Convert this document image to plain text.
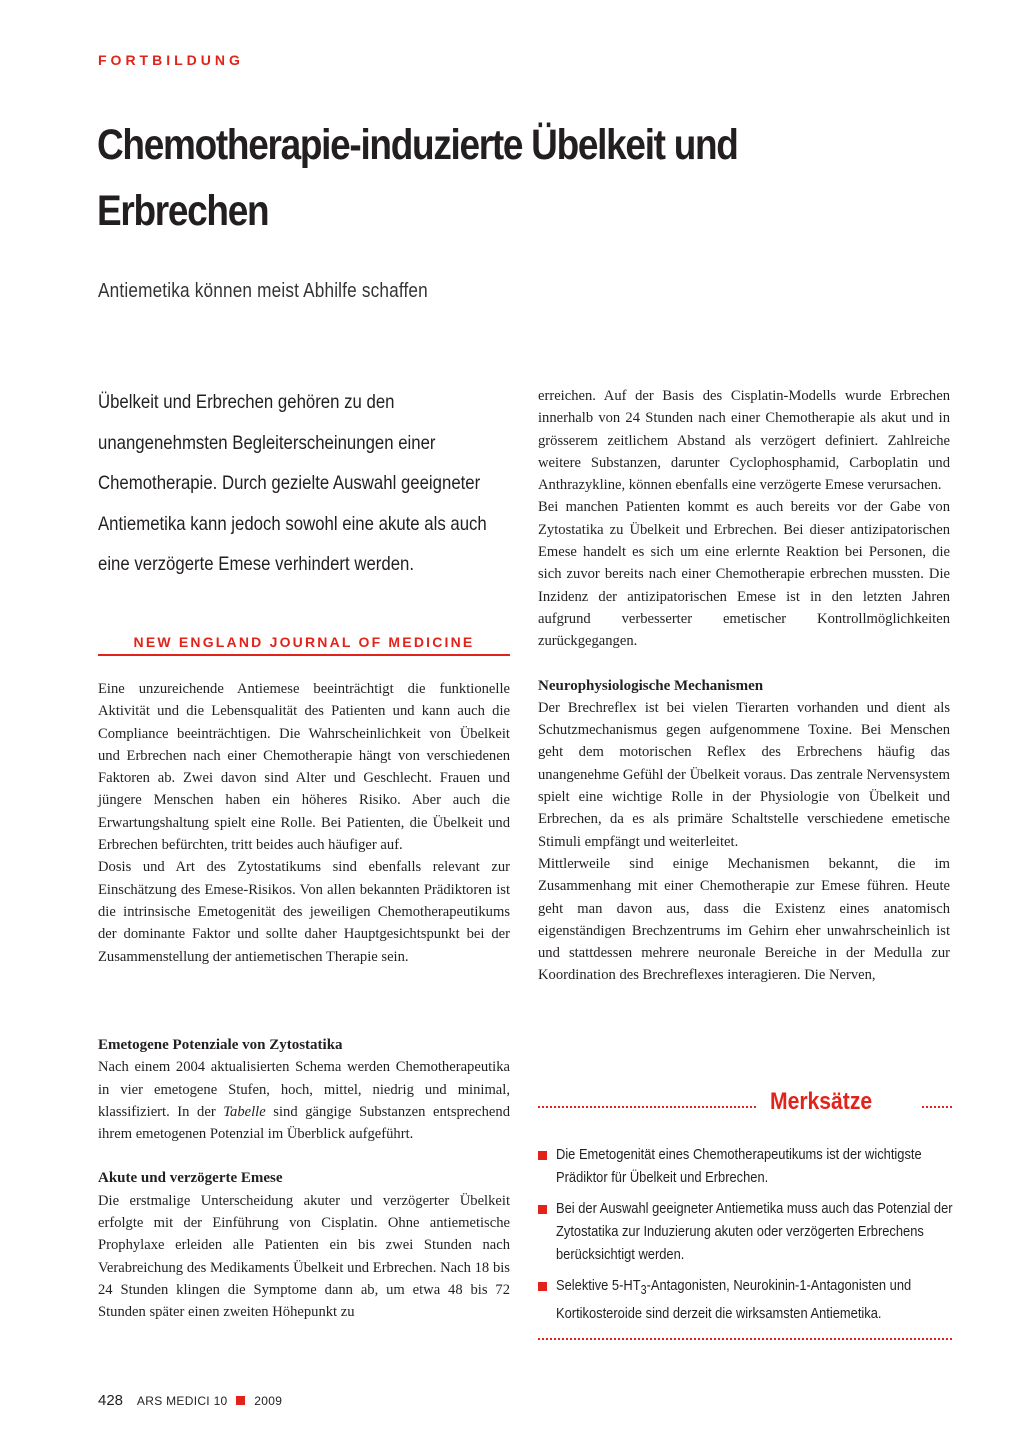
FORTBILDUNG
Chemotherapie-induzierte Übelkeit und Erbrechen
Antiemetika können meist Abhilfe schaffen
Übelkeit und Erbrechen gehören zu den unangenehmsten Begleiterscheinungen einer Chemotherapie. Durch gezielte Auswahl geeigneter Antiemetika kann jedoch sowohl eine akute als auch eine verzögerte Emese verhindert werden.
NEW ENGLAND JOURNAL OF MEDICINE

Eine unzureichende Antiemese beeinträchtigt die funktionelle Aktivität und die Lebensqualität des Patienten und kann auch die Compliance beeinträchtigen. Die Wahrscheinlichkeit von Übelkeit und Erbrechen nach einer Chemotherapie hängt von verschiedenen Faktoren ab. Zwei davon sind Alter und Geschlecht. Frauen und jüngere Menschen haben ein höheres Risiko. Aber auch die Erwartungshaltung spielt eine Rolle. Bei Patienten, die Übelkeit und Erbrechen befürchten, tritt beides auch häufiger auf.

Dosis und Art des Zytostatikums sind ebenfalls relevant zur Einschätzung des Emese-Risikos. Von allen bekannten Prädiktoren ist die intrinsische Emetogenität des jeweiligen Chemotherapeutikums der dominante Faktor und sollte daher Hauptgesichtspunkt bei der Zusammenstellung der antiemetischen Therapie sein.

Emetogene Potenziale von Zytostatika

Nach einem 2004 aktualisierten Schema werden Chemotherapeutika in vier emetogene Stufen, hoch, mittel, niedrig und minimal, klassifiziert. In der Tabelle sind gängige Substanzen entsprechend ihrem emetogenen Potenzial im Überblick aufgeführt.

Akute und verzögerte Emese

Die erstmalige Unterscheidung akuter und verzögerter Übelkeit erfolgte mit der Einführung von Cisplatin. Ohne antiemetische Prophylaxe erleiden alle Patienten ein bis zwei Stunden nach Verabreichung des Medikaments Übelkeit und Erbrechen. Nach 18 bis 24 Stunden klingen die Symptome dann ab, um etwa 48 bis 72 Stunden später einen zweiten Höhepunkt zu

erreichen. Auf der Basis des Cisplatin-Modells wurde Erbrechen innerhalb von 24 Stunden nach einer Chemotherapie als akut und in grösserem zeitlichem Abstand als verzögert definiert. Zahlreiche weitere Substanzen, darunter Cyclophosphamid, Carboplatin und Anthrazykline, können ebenfalls eine verzögerte Emese verursachen.

Bei manchen Patienten kommt es auch bereits vor der Gabe von Zytostatika zu Übelkeit und Erbrechen. Bei dieser antizipatorischen Emese handelt es sich um eine erlernte Reaktion bei Personen, die sich zuvor bereits nach einer Chemotherapie erbrechen mussten. Die Inzidenz der antizipatorischen Emese ist in den letzten Jahren aufgrund verbesserter emetischer Kontrollmöglichkeiten zurückgegangen.

Neurophysiologische Mechanismen

Der Brechreflex ist bei vielen Tierarten vorhanden und dient als Schutzmechanismus gegen aufgenommene Toxine. Bei Menschen geht dem motorischen Reflex des Erbrechens häufig das unangenehme Gefühl der Übelkeit voraus. Das zentrale Nervensystem spielt eine wichtige Rolle in der Physiologie von Übelkeit und Erbrechen, da es als primäre Schaltstelle verschiedene emetische Stimuli empfängt und weiterleitet.

Mittlerweile sind einige Mechanismen bekannt, die im Zusammenhang mit einer Chemotherapie zur Emese führen. Heute geht man davon aus, dass die Existenz eines anatomisch eigenständigen Brechzentrums im Gehirn eher unwahrscheinlich ist und stattdessen mehrere neuronale Bereiche in der Medulla zur Koordination des Brechreflexes interagieren. Die Nerven,

Merksätze
Die Emetogenität eines Chemotherapeutikums ist der wichtigste Prädiktor für Übelkeit und Erbrechen.
Bei der Auswahl geeigneter Antiemetika muss auch das Potenzial der Zytostatika zur Induzierung akuten oder verzögerten Erbrechens berücksichtigt werden.
Selektive $5-HT_3$-Antagonisten, Neurokinin-1-Antagonisten und Kortikosteroide sind derzeit die wirksamsten Antiemetika.
428 ARS MEDICI 10 2009
